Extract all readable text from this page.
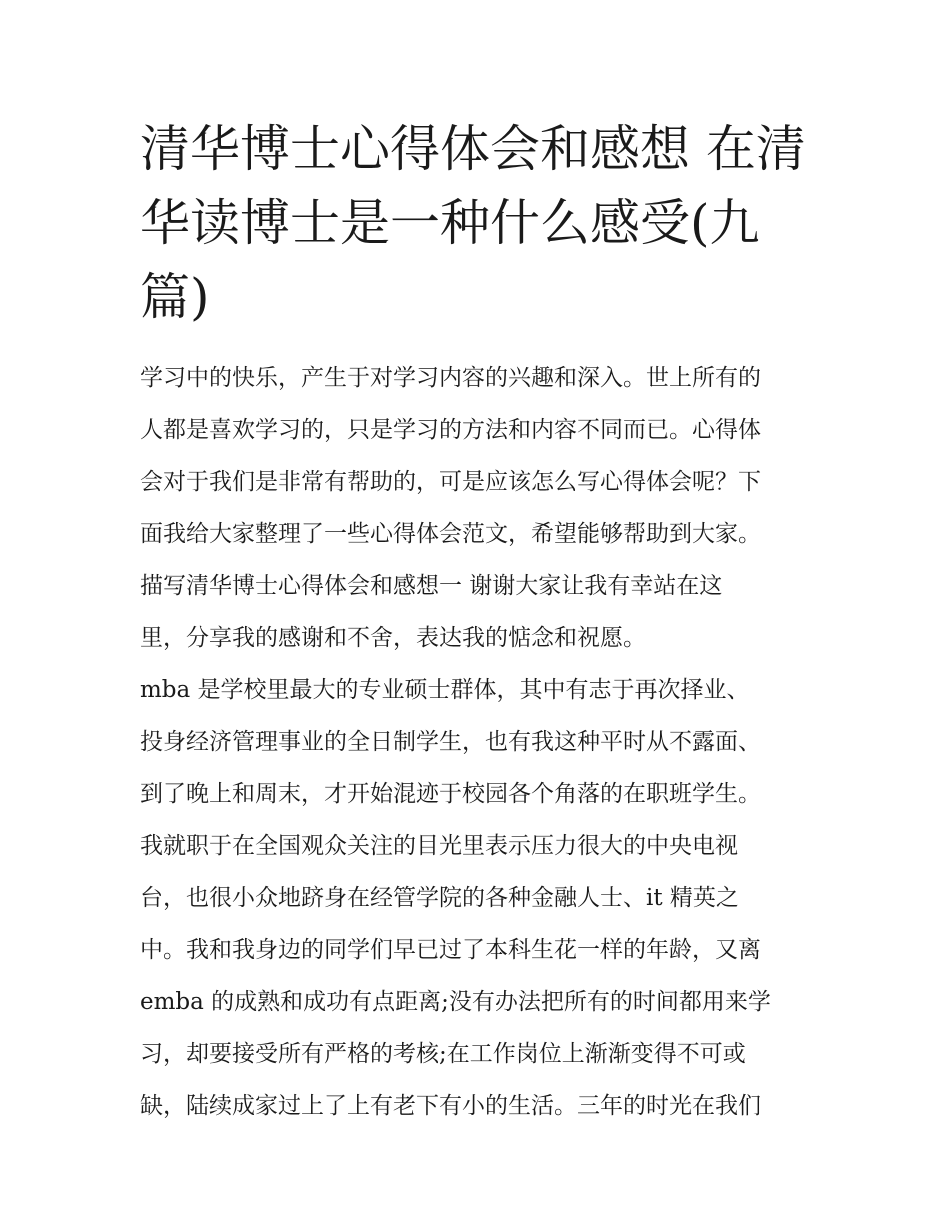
清华博士心得体会和感想 在清
华读博士是一种什么感受(九
篇)
学习中的快乐，产生于对学习内容的兴趣和深入。世上所有的
人都是喜欢学习的，只是学习的方法和内容不同而已。心得体
会对于我们是非常有帮助的，可是应该怎么写心得体会呢？下
面我给大家整理了一些心得体会范文，希望能够帮助到大家。
描写清华博士心得体会和感想一 谢谢大家让我有幸站在这
里，分享我的感谢和不舍，表达我的惦念和祝愿。
mba 是学校里最大的专业硕士群体，其中有志于再次择业、
投身经济管理事业的全日制学生，也有我这种平时从不露面、
到了晚上和周末，才开始混迹于校园各个角落的在职班学生。
我就职于在全国观众关注的目光里表示压力很大的中央电视
台，也很小众地跻身在经管学院的各种金融人士、it 精英之
中。我和我身边的同学们早已过了本科生花一样的年龄，又离
emba 的成熟和成功有点距离;没有办法把所有的时间都用来学
习，却要接受所有严格的考核;在工作岗位上渐渐变得不可或
缺，陆续成家过上了上有老下有小的生活。三年的时光在我们
